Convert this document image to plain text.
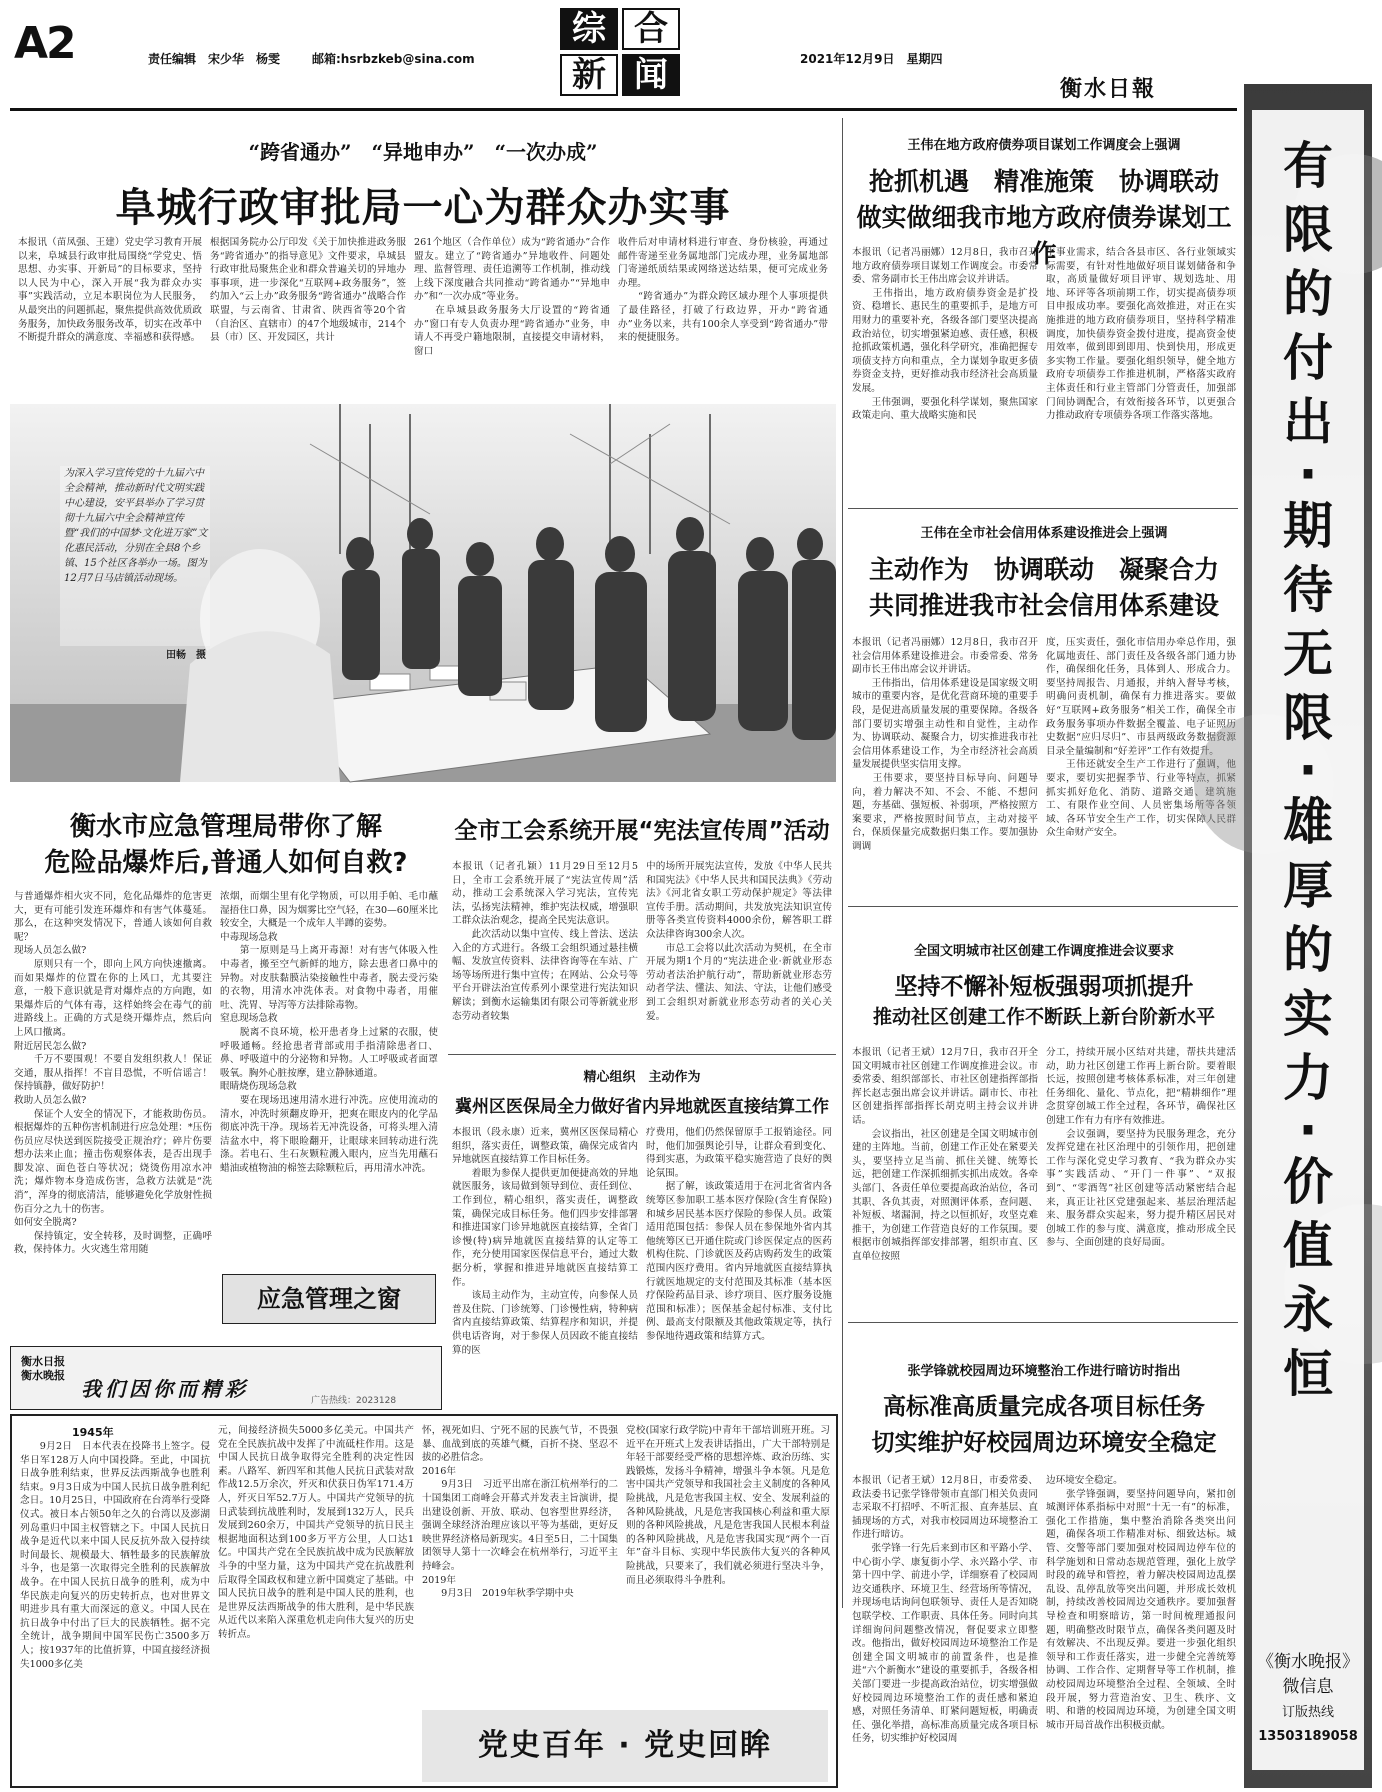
A2	责任编辑　宋少华　杨雯	邮箱:hsrbzkeb@sina.com
综 合
新 闻	2021年12月9日　星期四
衡水日報
“跨省通办”　“异地申办”　“一次办成”
阜城行政审批局一心为群众办实事
本报讯（苗凤强、王建）党史学习教育开展以来，阜城县行政审批局围绕“学党史、悟思想、办实事、开新局”的目标要求，坚持以人民为中心，深入开展“我为群众办实事”实践活动，立足本职岗位为人民服务，从最突出的问题抓起，聚焦提供高效优质政务服务，加快政务服务改革，切实在改革中不断提升群众的满意度、幸福感和获得感。
根据国务院办公厅印发《关于加快推进政务服务“跨省通办”的指导意见》文件要求，阜城县行政审批局聚焦企业和群众普遍关切的异地办事事项，进一步深化“互联网+政务服务”，签约加入“云上办”政务服务“跨省通办”战略合作联盟，与云南省、甘肃省、陕西省等20个省（自治区、直辖市）的47个地级城市，214个县（市）区、开发园区，共计
261个地区（合作单位）成为“跨省通办”合作盟友。建立了“跨省通办”异地收件、问题处理、监督管理、责任追溯等工作机制，推动线上线下深度融合共同推动“跨省通办”“异地申办”和“一次办成”等业务。
　　在阜城县政务服务大厅设置的“跨省通办”窗口有专人负责办理“跨省通办”业务，申请人不再受户籍地限制，直接提交申请材料，窗口
收件后对申请材料进行审查、身份核验，再通过邮件寄递至业务属地部门完成办理，业务属地部门寄递纸质结果或网络送达结果，便可完成业务办理。
　　“跨省通办”为群众跨区域办理个人事项提供了最佳路径，打破了行政边界，开办“跨省通办”业务以来，共有100余人享受到“跨省通办”带来的便捷服务。
为深入学习宣传党的十九届六中全会精神，推动新时代文明实践中心建设，安平县举办了学习贯彻十九届六中全会精神宣传暨“我们的中国梦·文化进万家”文化惠民活动，分别在全县8个乡镇、15个社区各举办一场。图为12月7日马店镇活动现场。
田畅　摄
王伟在地方政府债券项目谋划工作调度会上强调
抢抓机遇　精准施策　协调联动
做实做细我市地方政府债券谋划工作
本报讯（记者冯丽娜）12月8日，我市召开地方政府债券项目谋划工作调度会。市委常委、常务副市长王伟出席会议并讲话。
　　王伟指出，地方政府债券资金是扩投资、稳增长、惠民生的重要抓手，是地方可用财力的重要补充，各级各部门要坚决提高政治站位，切实增强紧迫感、责任感，积极抢抓政策机遇，强化科学研究，准确把握专项债支持方向和重点，全力谋划争取更多债券资金支持，更好推动我市经济社会高质量发展。
　　王伟强调，要强化科学谋划，聚焦国家政策走向、重大战略实施和民
生事业需求，结合各县市区、各行业领域实际需要，有针对性地做好项目谋划储备和争取，高质量做好项目评审、规划选址、用地、环评等各项前期工作，切实提高债券项目申报成功率。要强化高效推进，对正在实施推进的地方政府债券项目，坚持科学精准调度，加快债券资金拨付进度，提高资金使用效率，做到即到即用、快到快用，形成更多实物工作量。要强化组织领导，健全地方政府专项债券工作推进机制，严格落实政府主体责任和行业主管部门分管责任，加强部门间协调配合，有效衔接各环节，以更强合力推动政府专项债券各项工作落实落地。
王伟在全市社会信用体系建设推进会上强调
主动作为　协调联动　凝聚合力
共同推进我市社会信用体系建设
本报讯（记者冯丽娜）12月8日，我市召开社会信用体系建设推进会。市委常委、常务副市长王伟出席会议并讲话。
　　王伟指出，信用体系建设是国家级文明城市的重要内容，是优化营商环境的重要手段，是促进高质量发展的重要保障。各级各部门要切实增强主动性和自觉性，主动作为、协调联动、凝聚合力，切实推进我市社会信用体系建设工作，为全市经济社会高质量发展提供坚实信用支撑。
　　王伟要求，要坚持目标导向、问题导向，着力解决不知、不会、不能、不想问题，夯基础、强短板、补弱项，严格按照方案要求，严格按照时间节点，主动对接平台，保质保量完成数据归集工作。要加强协调调
度，压实责任，强化市信用办牵总作用，强化属地责任、部门责任及各级各部门通力协作，确保细化任务，具体到人、形成合力。要坚持周报告、月通报，并纳入督导考核，明确问责机制，确保有力推进落实。要做好“互联网+政务服务”相关工作，确保全市政务服务事项办件数据全覆盖、电子证照历史数据“应归尽归”、市县两级政务数据资源目录全量编制和“好差评”工作有效提升。
　　王伟还就安全生产工作进行了强调，他要求，要切实把握季节、行业等特点，抓紧抓实抓好危化、消防、道路交通、建筑施工、有限作业空间、人员密集场所等各领域、各环节安全生产工作，切实保障人民群众生命财产安全。
衡水市应急管理局带你了解
危险品爆炸后,普通人如何自救?
与普通爆炸相火灾不同，危化品爆炸的危害更大，更有可能引发连环爆炸和有害气体蔓延。那么，在这种突发情况下，普通人该如何自救呢？
现场人员怎么做?
　　原则只有一个，即向上风方向快速撤离。而如果爆炸的位置在你的上风口，尤其要注意，一般下意识就是背对爆炸点的方向跑，如果爆炸后的气体有毒，这样始终会在毒气的前进路线上。正确的方式是绕开爆炸点，然后向上风口撤离。
附近居民怎么做?
　　千万不要围观！不要自发组织救人！保证交通，服从指挥！不盲目恐慌，不听信谣言！保持镇静，做好防护！
救助人员怎么做?
　　保证个人安全的情况下，才能救助伤员。根据爆炸的五种伤害机制进行应急处理：*压伤伤员应尽快送到医院接受正规治疗；碎片伤要想办法来止血；撞击伤观察体表，是否出现手脚发凉、面色苍白等状况；烧烫伤用凉水冲洗；爆炸物本身造成伤害，急救方法就是“洗消”，浑身的彻底清洁，能够避免化学放射性损伤百分之九十的伤害。
如何安全脱离?
　　保持镇定，安全转移，及时调整，正确呼救，保持体力。火灾逃生常用随
浓烟，而烟尘里有化学物质，可以用手帕、毛巾蘸湿捂住口鼻，因为烟雾比空气轻，在30—60厘米比较安全，大概是一个成年人半蹲的姿势。
中毒现场急救
　　第一原则是马上离开毒源！对有害气体吸入性中毒者，搬至空气新鲜的地方，除去患者口鼻中的异物。对皮肤黏膜沾染接触性中毒者，脱去受污染的衣物，用清水冲洗体表。对食物中毒者，用催吐、洗胃、导泻等方法排除毒物。
窒息现场急救
　　脱离不良环境，松开患者身上过紧的衣服，使呼吸通畅。经抢患者背部或用手指清除患者口、鼻、呼吸道中的分泌物和异物。人工呼吸或者面罩吸氧。胸外心脏按摩，建立静脉通道。
眼睛烧伤现场急救
　　要在现场迅速用清水进行冲洗。应使用流动的清水，冲洗时须翻皮睁开，把爽在眼皮内的化学品彻底冲洗干净。现场若无冲洗设备，可将头埋入清洁盆水中，将下眼睑翻开，让眼球来回转动进行洗涤。若电石、生石灰颗粒溅入眼内，应当先用蘸石蜡油或植物油的棉签去除颗粒后，再用清水冲洗。
应急管理之窗
全市工会系统开展“宪法宣传周”活动
本报讯（记者孔颖）11月29日至12月5日，全市工会系统开展了“宪法宣传周”活动，推动工会系统深入学习宪法，宣传宪法，弘扬宪法精神，维护宪法权威，增强职工群众法治观念，提高全民宪法意识。
　　此次活动以集中宣传、线上普法、送法入企的方式进行。各级工会组织通过悬挂横幅、发放宣传资料、法律咨询等在车站、广场等场所进行集中宣传；在网站、公众号等平台开辟法治宣传系列小课堂进行宪法知识解读；到衡水运输集团有限公司等新就业形态劳动者较集
中的场所开展宪法宣传，发放《中华人民共和国宪法》《中华人民共和国民法典》《劳动法》《河北省女职工劳动保护规定》等法律宣传手册。活动期间，共发放宪法知识宣传册等各类宣传资料4000余份，解答职工群众法律咨询300余人次。
　　市总工会将以此次活动为契机，在全市开展为期1个月的“宪法进企业·新就业形态劳动者法治护航行动”，帮助新就业形态劳动者学法、懂法、知法、守法，让他们感受到工会组织对新就业形态劳动者的关心关爱。
精心组织　主动作为
冀州区医保局全力做好省内异地就医直接结算工作
本报讯（段永康）近来，冀州区医保局精心组织，落实责任，调整政策，确保完成省内异地就医直接结算工作目标任务。
　　着眼为参保人提供更加便捷高效的异地就医服务，该局做到领导到位、责任到位、工作到位，精心组织，落实责任，调整政策，确保完成目标任务。他们四步安排部署和推进国家门诊异地就医直接结算，全省门诊慢(特)病异地就医直接结算的认定等工作，充分使用国家医保信息平台，通过大数据分析，掌握和推进异地就医直接结算工作。
　　该局主动作为，主动宣传，向参保人员普及住院、门诊统筹、门诊慢性病，特种病省内直接结算政策、结算程序和知识，并提供电话咨询，对于参保人员因政不能直接结算的医
疗费用，他们仍然保留原手工报销途径。同时，他们加强舆论引导，让群众看到变化、得到实惠，为政策平稳实施营造了良好的舆论氛围。
　　据了解，该政策适用于在河北省省内各统筹区参加职工基本医疗保险(含生育保险)和城乡居民基本医疗保险的参保人员。政策适用范围包括：参保人员在参保地外省内其他统筹区已开通住院或门诊医保定点的医药机构住院、门诊就医及药店购药发生的政策范围内医疗费用。省内异地就医直接结算执行就医地规定的支付范围及其标准（基本医疗保险药品目录、诊疗项目、医疗服务设施范围和标准）；医保基金起付标准、支付比例、最高支付限额及其他政策规定等，执行参保地待遇政策和结算方式。
衡水日报
衡水晚报
我们因你而精彩	广告热线：2023128
全国文明城市社区创建工作调度推进会议要求
坚持不懈补短板强弱项抓提升
推动社区创建工作不断跃上新台阶新水平
本报讯（记者王斌）12月7日，我市召开全国文明城市社区创建工作调度推进会议。市委常委、组织部部长、市社区创建指挥部指挥长赵志强出席会议并讲话。副市长、市社区创建指挥部指挥长胡克明主持会议并讲话。
　　会议指出，社区创建是全国文明城市创建的主阵地。当前，创建工作正处在紧要关头，要坚持立足当前、抓住关键、统筹长远，把创建工作深抓细抓实抓出成效。各牵头部门、各责任单位要提高政治站位，各司其职、各负其责，对照测评体系，查问题、补短板、堵漏洞，持之以恒抓好，攻坚克难推干，为创建工作营造良好的工作氛围。要根据市创城指挥部安排部署，组织市直、区直单位按照
分工，持续开展小区结对共建，帮扶共建活动，助力社区创建工作再上新台阶。要着眼长远，按照创建考核体系标准，对三年创建任务细化、量化、节点化，把“精耕细作”理念贯穿创城工作全过程，各环节，确保社区创建工作有力有序有效推进。
　　会议强调，要坚持为民服务理念，充分发挥党建在社区治理中的引领作用，把创建工作与深化党史学习教育、“我为群众办实事”实践活动、“开门一件事”、“双报到”、“零酒驾”社区创建等活动紧密结合起来，真正让社区党建强起来、基层治理活起来、服务群众实起来，努力提升精区居民对创城工作的参与度、满意度，推动形成全民参与、全面创建的良好局面。
张学锋就校园周边环境整治工作进行暗访时指出
高标准高质量完成各项目标任务
切实维护好校园周边环境安全稳定
本报讯（记者王斌）12月8日，市委常委、政法委书记张学锋带领市直部门相关负责同志采取不打招呼、不听汇报、直奔基层、直插现场的方式，对我市校园周边环境整治工作进行暗访。
　　张学锋一行先后来到市区和平路小学、中心街小学、康复街小学、永兴路小学、市第十四中学、前进小学，详细察看了校园周边交通秩序、环境卫生、经营场所等情况，并现场电话询问包联领导、责任人是否知晓包联学校、工作职责、具体任务。同时向其详细询问问题整改情况，督促要求立即整改。他指出，做好校园周边环境整治工作是创建全国文明城市的前置条件，也是推进“六个新衡水”建设的重要抓手，各级各相关部门要进一步提高政治站位，切实增强做好校园周边环境整治工作的责任感和紧迫感，对照任务清单、盯紧问题短板，明确责任、强化举措，高标准高质量完成各项目标任务，切实维护好校园周
边环境安全稳定。
　　张学锋强调，要坚持问题导向，紧扣创城测评体系指标中对照“十无一有”的标准，强化工作措施，集中整治消除各类突出问题，确保各项工作精准对标、细致达标。城管、交警等部门要加强对校园周边停车位的科学施划和日常动态规范管理，强化上放学时段的疏导和管控，着力解决校园周边乱摆乱设、乱停乱放等突出问题，并形成长效机制，持续改善校园周边交通秩序。要加强督导检查和明察暗访，第一时间梳理通报问题，明确整改时限节点，确保各类问题及时有效解决、不出现反弹。要进一步强化组织领导和工作责任落实，进一步健全完善统筹协调、工作合作、定期督导等工作机制，推动校园周边环境整治全过程、全领域、全时段开展，努力营造治安、卫生、秩序、文明、和谐的校园周边环境，为创建全国文明城市开局首战作出积极贡献。
1945年
　　9月2日　日本代表在投降书上签字。侵华日军128万人向中国投降。至此，中国抗日战争胜利结束，世界反法西斯战争也胜利结束。9月3日成为中国人民抗日战争胜利纪念日。10月25日，中国政府在台湾举行受降仪式。被日本占领50年之久的台湾以及澎湖列岛重归中国主权管辖之下。中国人民抗日战争是近代以来中国人民反抗外敌入侵持续时间最长、规模最大、牺牲最多的民族解放斗争，也是第一次取得完全胜利的民族解放战争。在中国人民抗日战争的胜利，成为中华民族走向复兴的历史转折点，也对世界文明进步具有重大而深远的意义。中国人民在抗日战争中付出了巨大的民族牺牲。据不完全统计，战争期间中国军民伤亡3500多万人；按1937年的比值折算，中国直接经济损失1000多亿美
元，间接经济损失5000多亿美元。中国共产党在全民族抗战中发挥了中流砥柱作用。这是中国人民抗日战争取得完全胜利的决定性因素。八路军、新四军和其他人民抗日武装对敌作战12.5万余次，歼灭和伏获日伪军171.4万人，歼灭日军52.7万人。中国共产党领导的抗日武装到抗战胜利时，发展到132万人，民兵发展到260余万，中国共产党领导的抗日民主根据地面积达到100多万平方公里，人口达1亿。中国共产党在全民族抗战中成为民族解放斗争的中坚力量，这为中国共产党在抗战胜利后取得全国政权和建立新中国奠定了基础。中国人民抗日战争的胜利是中国人民的胜利，也是世界反法西斯战争的伟大胜利，是中华民族从近代以来陷入深重危机走向伟大复兴的历史转折点。
怀，视死如归、宁死不屈的民族气节，不畏强暴、血战到底的英雄气概，百折不挠、坚忍不拔的必胜信念。
2016年
　　9月3日　习近平出席在浙江杭州举行的二十国集团工商峰会开幕式并发表主旨演讲，提出建设创新、开放、联动、包容型世界经济，强调全球经济治理应该以平等为基础，更好反映世界经济格局新现实。4日至5日，二十国集团领导人第十一次峰会在杭州举行，习近平主持峰会。
2019年
　　9月3日　2019年秋季学期中央
党校(国家行政学院)中青年干部培训班开班。习近平在开班式上发表讲话指出，广大干部特别是年轻干部要经受严格的思想淬炼、政治历练、实践锻炼，发扬斗争精神，增强斗争本领。凡是危害中国共产党领导和我国社会主义制度的各种风险挑战，凡是危害我国主权、安全、发展利益的各种风险挑战，凡是危害我国核心利益和重大原则的各种风险挑战，凡是危害我国人民根本利益的各种风险挑战，凡是危害我国实现“两个一百年”奋斗目标、实现中华民族伟大复兴的各种风险挑战，只要来了，我们就必须进行坚决斗争，而且必须取得斗争胜利。
党史百年 · 党史回眸
有
限
的
付
出
·
期
待
无
限
·
雄
厚
的
实
力
·
价
值
永
恒
《衡水晚报》
微信息
订版热线
13503189058
